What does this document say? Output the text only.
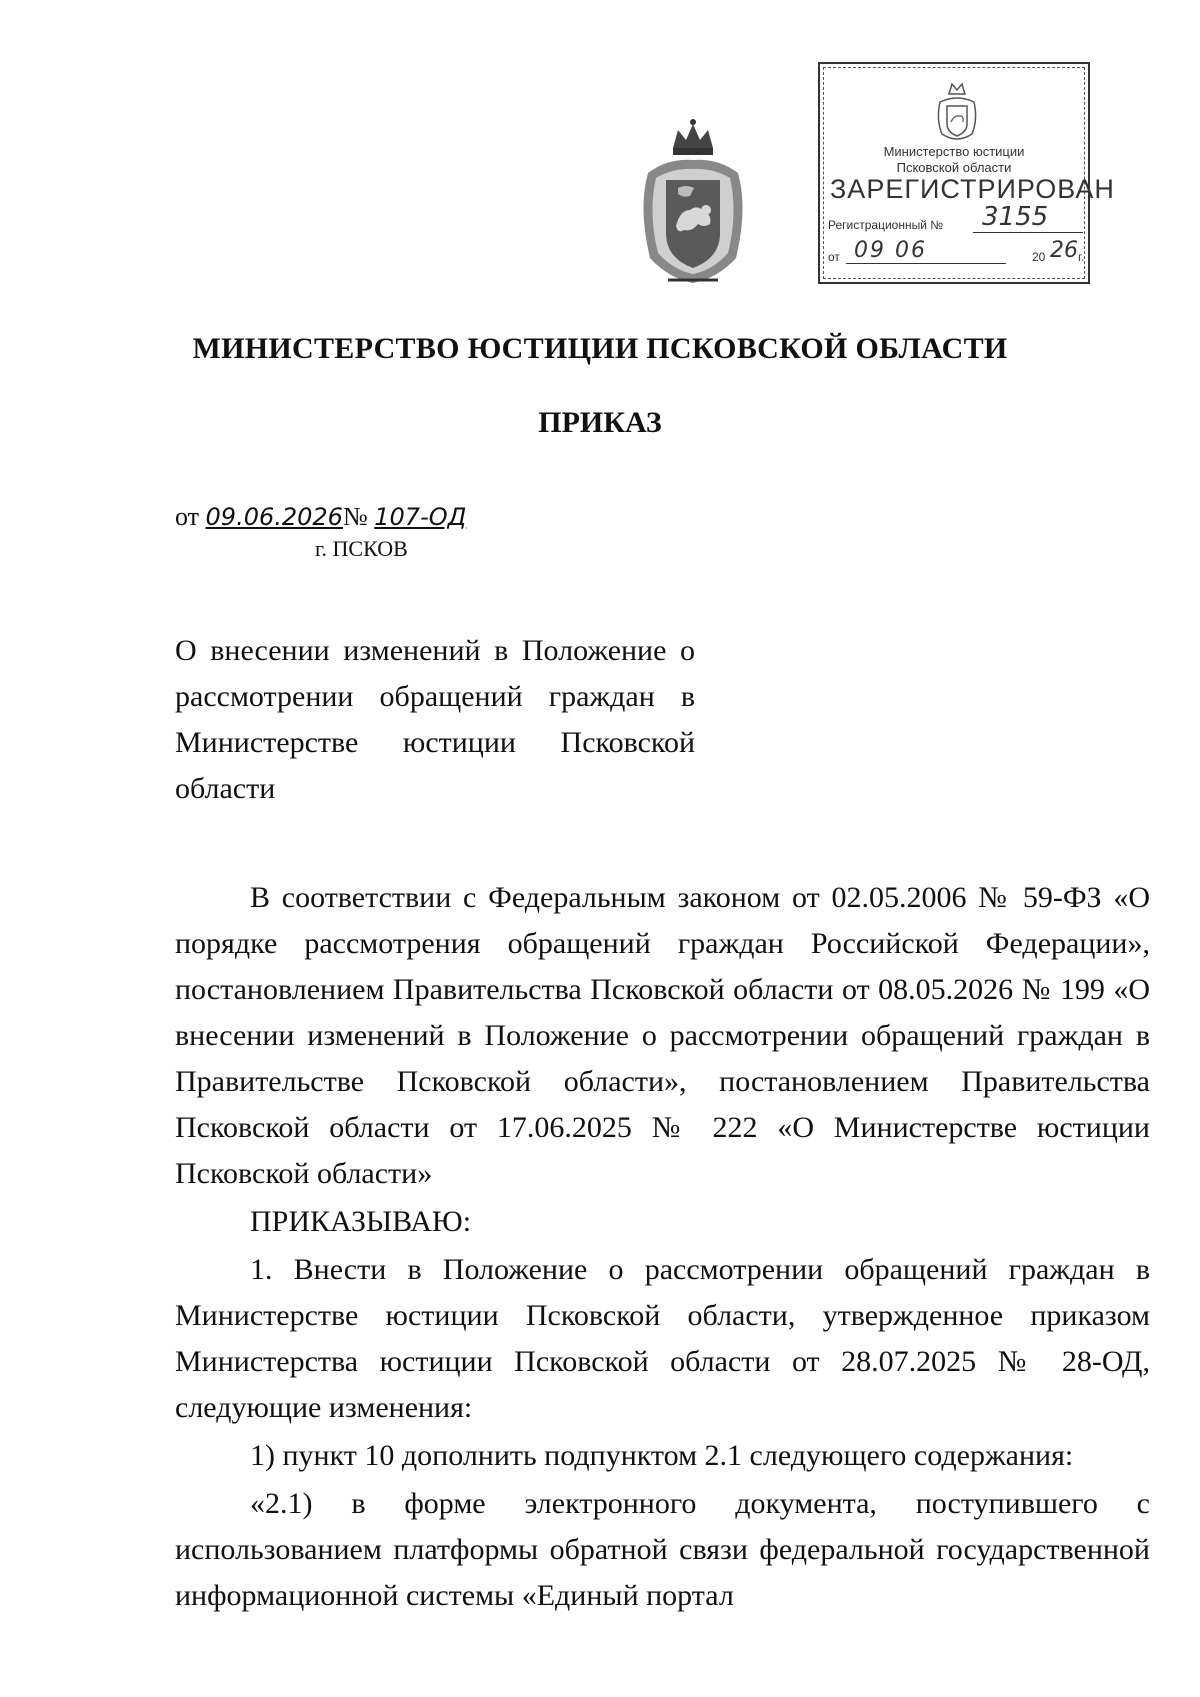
Министерство юстиции
Псковской области
ЗАРЕГИСТРИРОВАН
Регистрационный № 3155
от 09 06	20 26 г.
МИНИСТЕРСТВО ЮСТИЦИИ ПСКОВСКОЙ ОБЛАСТИ
ПРИКАЗ
от 09.06.2026№ 107-ОД
г. ПСКОВ
О внесении изменений в Положение о рассмотрении обращений граждан в Министерстве юстиции Псковской области

В соответствии с Федеральным законом от 02.05.2006 № 59-ФЗ «О порядке рассмотрения обращений граждан Российской Федерации», постановлением Правительства Псковской области от 08.05.2026 № 199 «О внесении изменений в Положение о рассмотрении обращений граждан в Правительстве Псковской области», постановлением Правительства Псковской области от 17.06.2025 № 222 «О Министерстве юстиции Псковской области»

ПРИКАЗЫВАЮ:

1. Внести в Положение о рассмотрении обращений граждан в Министерстве юстиции Псковской области, утвержденное приказом Министерства юстиции Псковской области от 28.07.2025 № 28-ОД, следующие изменения:

1) пункт 10 дополнить подпунктом 2.1 следующего содержания:

«2.1) в форме электронного документа, поступившего с использованием платформы обратной связи федеральной государственной информационной системы «Единый портал
